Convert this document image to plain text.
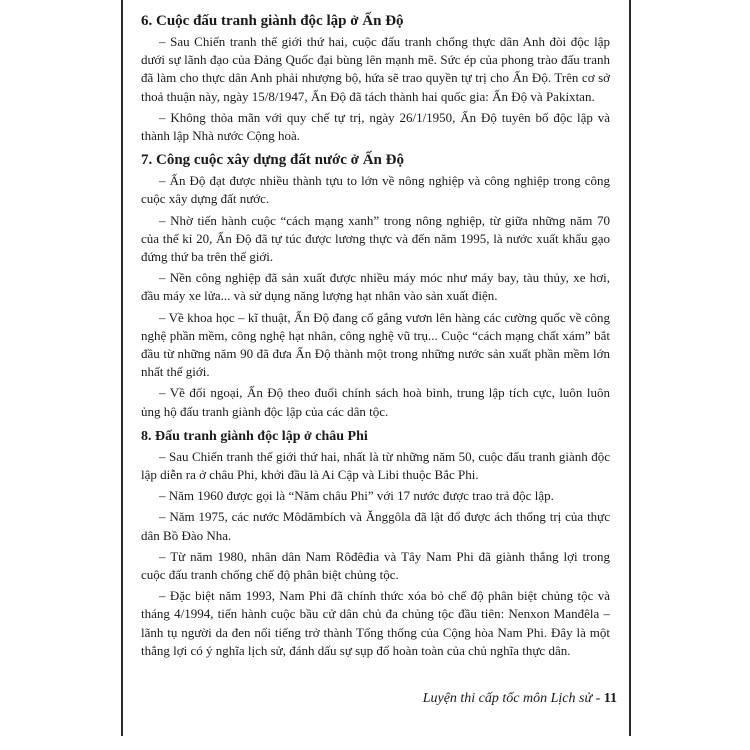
6. Cuộc đấu tranh giành độc lập ở Ấn Độ

– Sau Chiến tranh thế giới thứ hai, cuộc đấu tranh chống thực dân Anh đòi độc lập dưới sự lãnh đạo của Đảng Quốc đại bùng lên mạnh mẽ. Sức ép của phong trào đấu tranh đã làm cho thực dân Anh phải nhượng bộ, hứa sẽ trao quyền tự trị cho Ấn Độ. Trên cơ sở thoả thuận này, ngày 15/8/1947, Ấn Độ đã tách thành hai quốc gia: Ấn Độ và Pakixtan.

– Không thỏa mãn với quy chế tự trị, ngày 26/1/1950, Ấn Độ tuyên bố độc lập và thành lập Nhà nước Cộng hoà.

7. Công cuộc xây dựng đất nước ở Ấn Độ

– Ấn Độ đạt được nhiều thành tựu to lớn về nông nghiệp và công nghiệp trong công cuộc xây dựng đất nước.

– Nhờ tiến hành cuộc “cách mạng xanh” trong nông nghiệp, từ giữa những năm 70 của thế kỉ 20, Ấn Độ đã tự túc được lương thực và đến năm 1995, là nước xuất khẩu gạo đứng thứ ba trên thế giới.

– Nền công nghiệp đã sản xuất được nhiều máy móc như máy bay, tàu thủy, xe hơi, đầu máy xe lửa... và sử dụng năng lượng hạt nhân vào sản xuất điện.

– Về khoa học – kĩ thuật, Ấn Độ đang cố gắng vươn lên hàng các cường quốc về công nghệ phần mềm, công nghệ hạt nhân, công nghệ vũ trụ... Cuộc “cách mạng chất xám” bắt đầu từ những năm 90 đã đưa Ấn Độ thành một trong những nước sản xuất phần mềm lớn nhất thế giới.

– Về đối ngoại, Ấn Độ theo đuổi chính sách hoà bình, trung lập tích cực, luôn luôn ủng hộ đấu tranh giành độc lập của các dân tộc.

8. Đấu tranh giành độc lập ở châu Phi

– Sau Chiến tranh thế giới thứ hai, nhất là từ những năm 50, cuộc đấu tranh giành độc lập diễn ra ở châu Phi, khởi đầu là Ai Cập và Libi thuộc Bắc Phi.

– Năm 1960 được gọi là “Năm châu Phi” với 17 nước được trao trả độc lập.

– Năm 1975, các nước Môdămbích và Ănggôla đã lật đổ được ách thống trị của thực dân Bồ Đào Nha.

– Từ năm 1980, nhân dân Nam Rôđêđia và Tây Nam Phi đã giành thắng lợi trong cuộc đấu tranh chống chế độ phân biệt chủng tộc.

– Đặc biệt năm 1993, Nam Phi đã chính thức xóa bỏ chế độ phân biệt chủng tộc và tháng 4/1994, tiến hành cuộc bầu cử dân chủ đa chủng tộc đầu tiên: Nenxon Manđêla – lãnh tụ người da đen nổi tiếng trở thành Tổng thống của Cộng hòa Nam Phi. Đây là một thắng lợi có ý nghĩa lịch sử, đánh dấu sự sụp đổ hoàn toàn của chủ nghĩa thực dân.

Luyện thi cấp tốc môn Lịch sử - 11
